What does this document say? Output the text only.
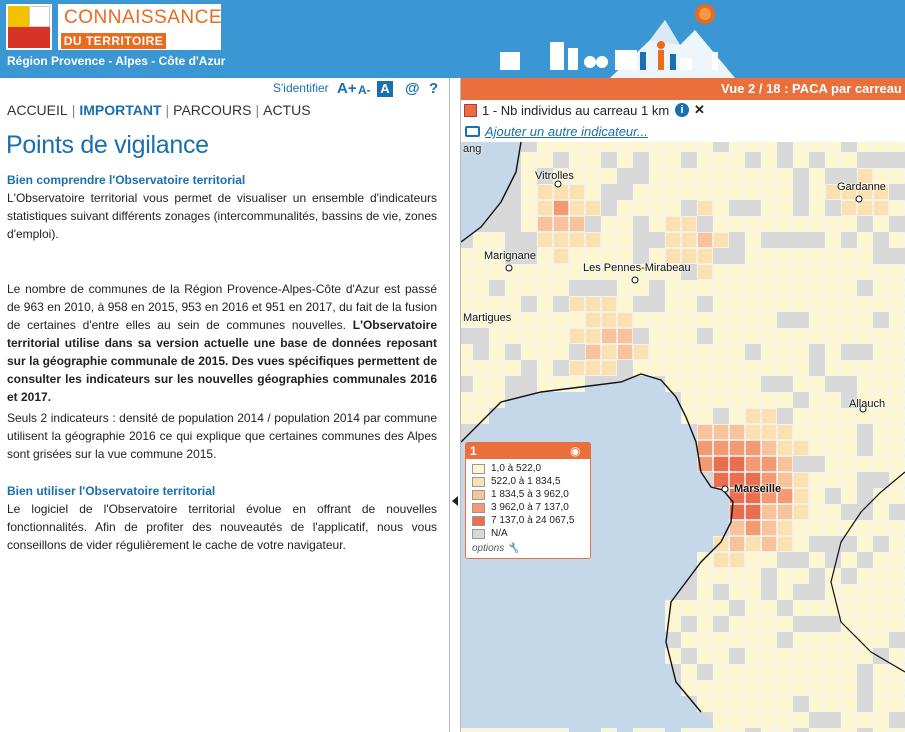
CONNAISSANCE
DU TERRITOIRE
Région Provence - Alpes - Côte d'Azur
S'identifier A+ A- A @ ?
ACCUEIL | IMPORTANT | PARCOURS | ACTUS
Points de vigilance
Bien comprendre l'Observatoire territorial

L'Observatoire territorial vous permet de visualiser un ensemble d'indicateurs statistiques suivant différents zonages (intercommunalités, bassins de vie, zones d'emploi).

Le nombre de communes de la Région Provence-Alpes-Côte d'Azur est passé de 963 en 2010, à 958 en 2015, 953 en 2016 et 951 en 2017, du fait de la fusion de certaines d'entre elles au sein de communes nouvelles. L'Observatoire territorial utilise dans sa version actuelle une base de données reposant sur la géographie communale de 2015. Des vues spécifiques permettent de consulter les indicateurs sur les nouvelles géographies communales 2016 et 2017.

Seuls 2 indicateurs : densité de population 2014 / population 2014 par commune utilisent la géographie 2016 ce qui explique que certaines communes des Alpes sont grisées sur la vue commune 2015.

Bien utiliser l'Observatoire territorial

Le logiciel de l'Observatoire territorial évolue en offrant de nouvelles fonctionnalités. Afin de profiter des nouveautés de l'applicatif, nous vous conseillons de vider régulièrement le cache de votre navigateur.

Vue 2 / 18 : PACA par carreau
1 - Nb individus au carreau 1 km	i ✕
Ajouter un autre indicateur...
ang
Vitrolles
Gardanne
Marignane
Les Pennes-Mirabeau
Martigues
Allauch
Marseille
1	◉
1,0 à 522,0
522,0 à 1 834,5
1 834,5 à 3 962,0
3 962,0 à 7 137,0
7 137,0 à 24 067,5
N/A
options 🔧
